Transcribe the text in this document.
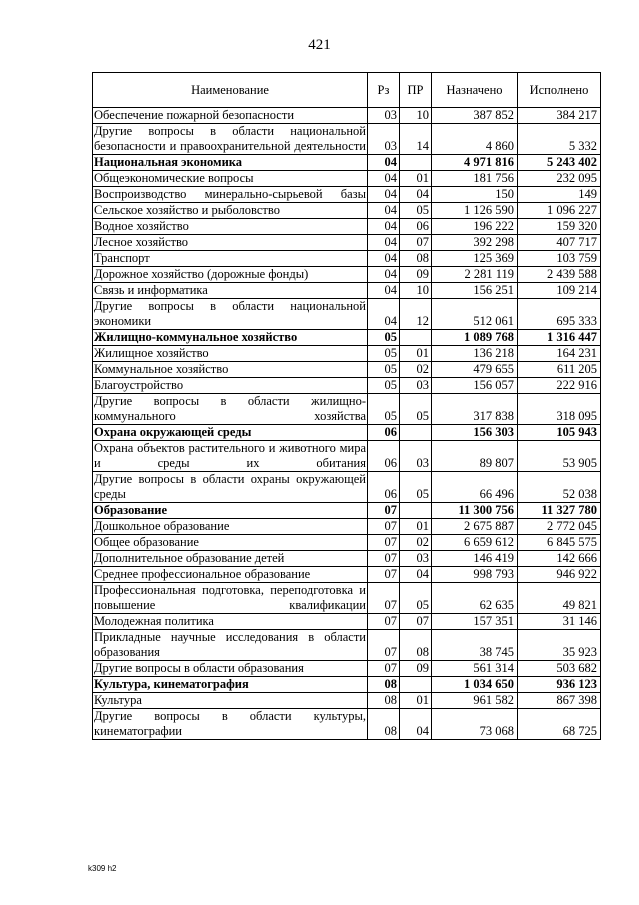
421
Наименование	Рз	ПР	Назначено	Исполнено
Обеспечение пожарной безопасности	03	10	387 852	384 217
Другие вопросы в области национальной безопасности и правоохранительной деятельности	03	14	4 860	5 332
Национальная экономика	04		4 971 816	5 243 402
Общеэкономические вопросы	04	01	181 756	232 095
Воспроизводство минерально-сырьевой базы	04	04	150	149
Сельское хозяйство и рыболовство	04	05	1 126 590	1 096 227
Водное хозяйство	04	06	196 222	159 320
Лесное хозяйство	04	07	392 298	407 717
Транспорт	04	08	125 369	103 759
Дорожное хозяйство (дорожные фонды)	04	09	2 281 119	2 439 588
Связь и информатика	04	10	156 251	109 214
Другие вопросы в области национальной экономики	04	12	512 061	695 333
Жилищно-коммунальное хозяйство	05		1 089 768	1 316 447
Жилищное хозяйство	05	01	136 218	164 231
Коммунальное хозяйство	05	02	479 655	611 205
Благоустройство	05	03	156 057	222 916
Другие вопросы в области жилищно-коммунального хозяйства	05	05	317 838	318 095
Охрана окружающей среды	06		156 303	105 943
Охрана объектов растительного и животного мира и среды их обитания	06	03	89 807	53 905
Другие вопросы в области охраны окружающей среды	06	05	66 496	52 038
Образование	07		11 300 756	11 327 780
Дошкольное образование	07	01	2 675 887	2 772 045
Общее образование	07	02	6 659 612	6 845 575
Дополнительное образование детей	07	03	146 419	142 666
Среднее профессиональное образование	07	04	998 793	946 922
Профессиональная подготовка, переподготовка и повышение квалификации	07	05	62 635	49 821
Молодежная политика	07	07	157 351	31 146
Прикладные научные исследования в области образования	07	08	38 745	35 923
Другие вопросы в области образования	07	09	561 314	503 682
Культура, кинематография	08		1 034 650	936 123
Культура	08	01	961 582	867 398
Другие вопросы в области культуры, кинематографии	08	04	73 068	68 725
k309 h2
